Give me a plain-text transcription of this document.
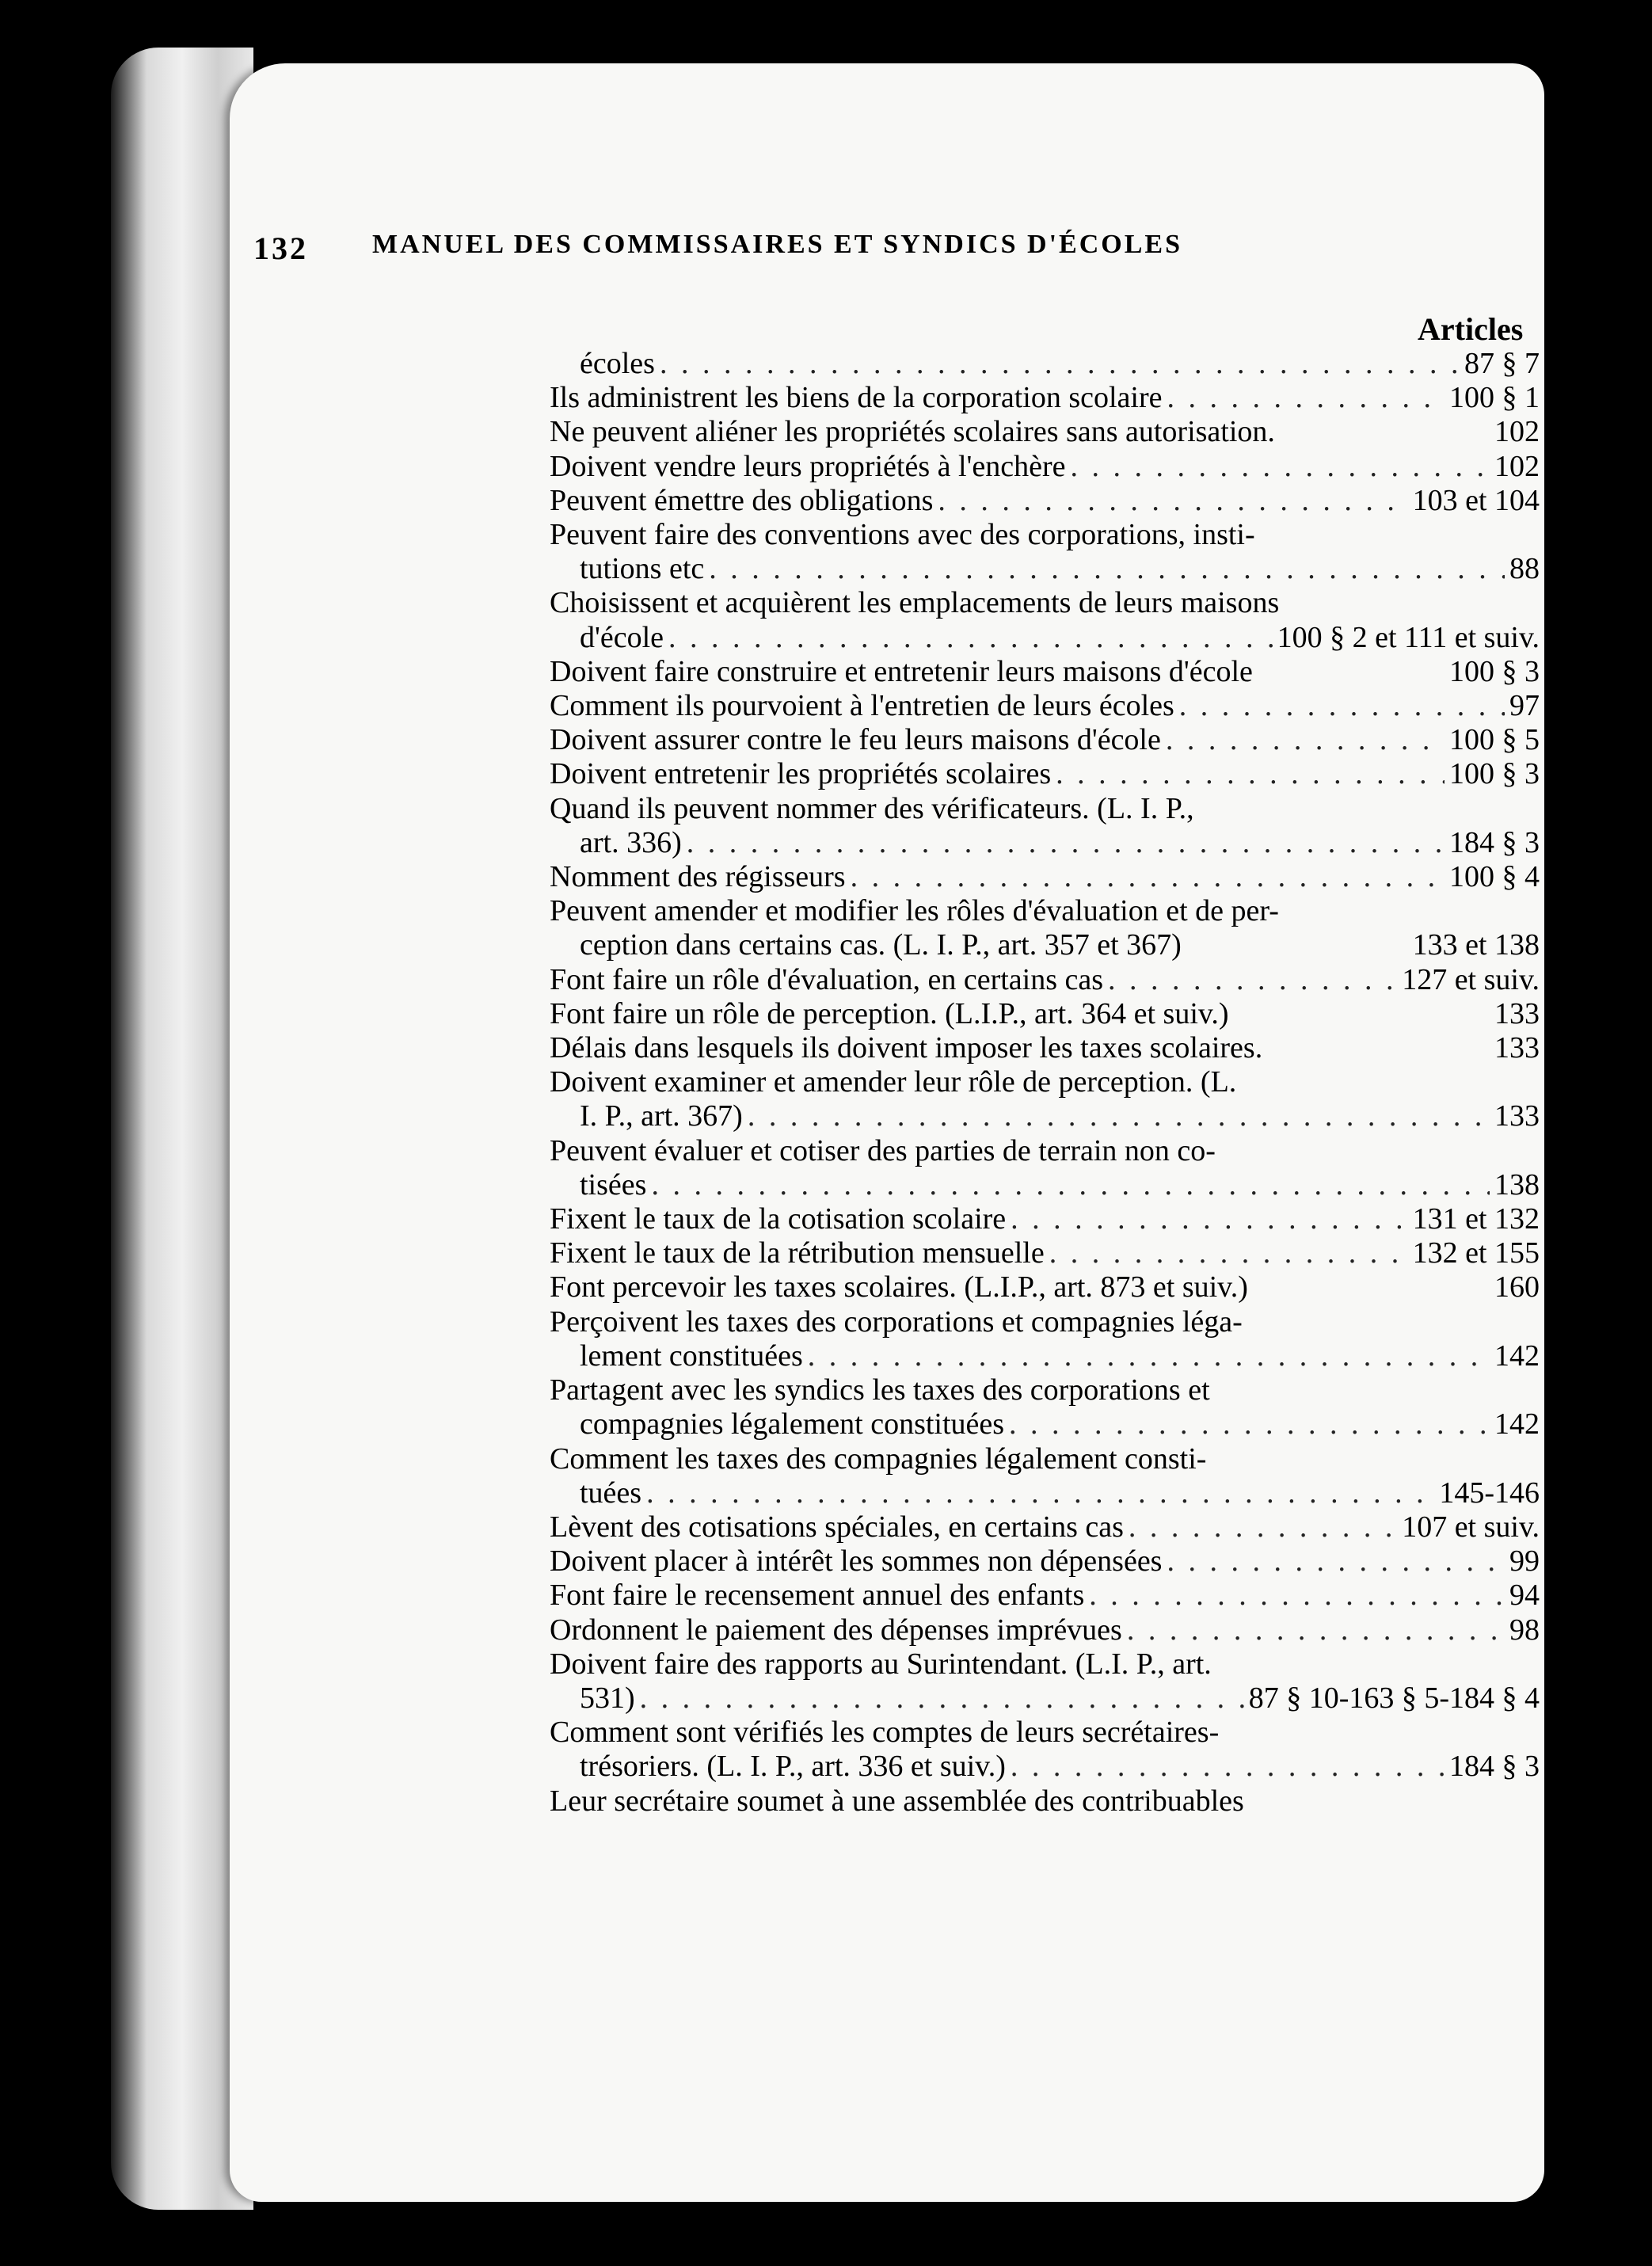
132	MANUEL DES COMMISSAIRES ET SYNDICS D'ÉCOLES
Articles
écoles . . .	87 § 7
Ils administrent les biens de la corporation scolaire . . .	100 § 1
Ne peuvent aliéner les propriétés scolaires sans autorisation.	102
Doivent vendre leurs propriétés à l'enchère . . .	102
Peuvent émettre des obligations . . .	103 et 104
Peuvent faire des conventions avec des corporations, insti-
tutions etc . . .	88
Choisissent et acquièrent les emplacements de leurs maisons
d'école . . .	100 § 2 et 111 et suiv.
Doivent faire construire et entretenir leurs maisons d'école	100 § 3
Comment ils pourvoient à l'entretien de leurs écoles . . .	97
Doivent assurer contre le feu leurs maisons d'école . . .	100 § 5
Doivent entretenir les propriétés scolaires . . .	100 § 3
Quand ils peuvent nommer des vérificateurs. (L. I. P.,
art. 336) . . .	184 § 3
Nomment des régisseurs . . .	100 § 4
Peuvent amender et modifier les rôles d'évaluation et de per-
ception dans certains cas. (L. I. P., art. 357 et 367)	133 et 138
Font faire un rôle d'évaluation, en certains cas . . .	127 et suiv.
Font faire un rôle de perception. (L.I.P., art. 364 et suiv.)	133
Délais dans lesquels ils doivent imposer les taxes scolaires.	133
Doivent examiner et amender leur rôle de perception. (L.
I. P., art. 367) . . .	133
Peuvent évaluer et cotiser des parties de terrain non co-
tisées . . .	138
Fixent le taux de la cotisation scolaire . . .	131 et 132
Fixent le taux de la rétribution mensuelle . . .	132 et 155
Font percevoir les taxes scolaires. (L.I.P., art. 873 et suiv.)	160
Perçoivent les taxes des corporations et compagnies léga-
lement constituées . . .	142
Partagent avec les syndics les taxes des corporations et
compagnies légalement constituées . . .	142
Comment les taxes des compagnies légalement consti-
tuées . . .	145-146
Lèvent des cotisations spéciales, en certains cas . . .	107 et suiv.
Doivent placer à intérêt les sommes non dépensées . . .	99
Font faire le recensement annuel des enfants . . .	94
Ordonnent le paiement des dépenses imprévues . . .	98
Doivent faire des rapports au Surintendant. (L.I. P., art.
531) . . .	87 § 10-163 § 5-184 § 4
Comment sont vérifiés les comptes de leurs secrétaires-
trésoriers. (L. I. P., art. 336 et suiv.) . . .	184 § 3
Leur secrétaire soumet à une assemblée des contribuables
